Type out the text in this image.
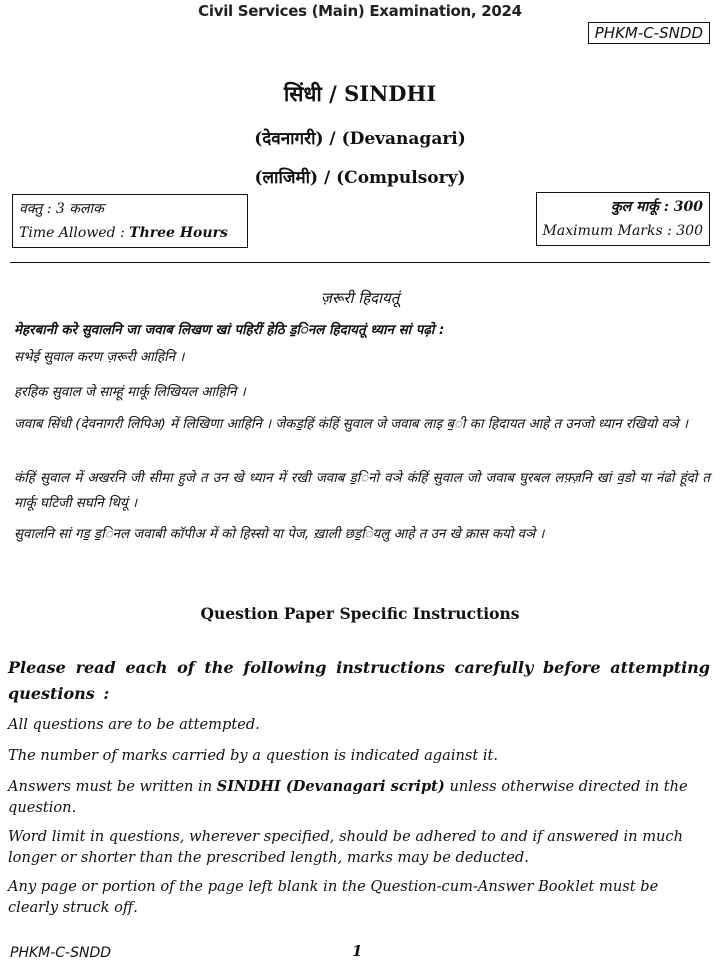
Civil Services (Main) Examination, 2024
PHKM-C-SNDD
सिंधी / SINDHI
(देवनागरी) / (Devanagari)
(लाजिमी) / (Compulsory)
वक्तु : 3 कलाक
Time Allowed : Three Hours
कुल मार्कू : 300
Maximum Marks : 300
ज़रूरी हिदायतूं
मेहरबानी करे सुवालनि जा जवाब लिखण खां पहिरीं हेठि ड॒िनल हिदायतूं ध्यान सां पढ़ो :
सभेई सुवाल करण ज़रूरी आहिनि ।
हरहिक सुवाल जे साम्हूं मार्कू लिखियल आहिनि ।
जवाब सिंधी (देवनागरी लिपिअ) में लिखिणा आहिनि । जेकड॒हिं कंहिं सुवाल जे जवाब लाइ ब॒ी का हिदायत आहे त उनजो ध्यान रखियो वञे ।
कंहिं सुवाल में अखरनि जी सीमा हुजे त उन खे ध्यान में रखी जवाब ड॒िनो वञे कंहिं सुवाल जो जवाब घुरबल लफ़्ज़नि खां व॒डो या नंढो हूंदो त मार्कू घटिजी सघनि थियूं ।
सुवालनि सां गड॒ ड॒िनल जवाबी कॉपीअ में को हिस्सो या पेज, ख़ाली छड॒ियलु आहे त उन खे क्रास कयो वञे ।
Question Paper Specific Instructions
Please read each of the following instructions carefully before attempting questions :
All questions are to be attempted.
The number of marks carried by a question is indicated against it.
Answers must be written in SINDHI (Devanagari script) unless otherwise directed in the question.
Word limit in questions, wherever specified, should be adhered to and if answered in much longer or shorter than the prescribed length, marks may be deducted.
Any page or portion of the page left blank in the Question-cum-Answer Booklet must be clearly struck off.
PHKM-C-SNDD	1
